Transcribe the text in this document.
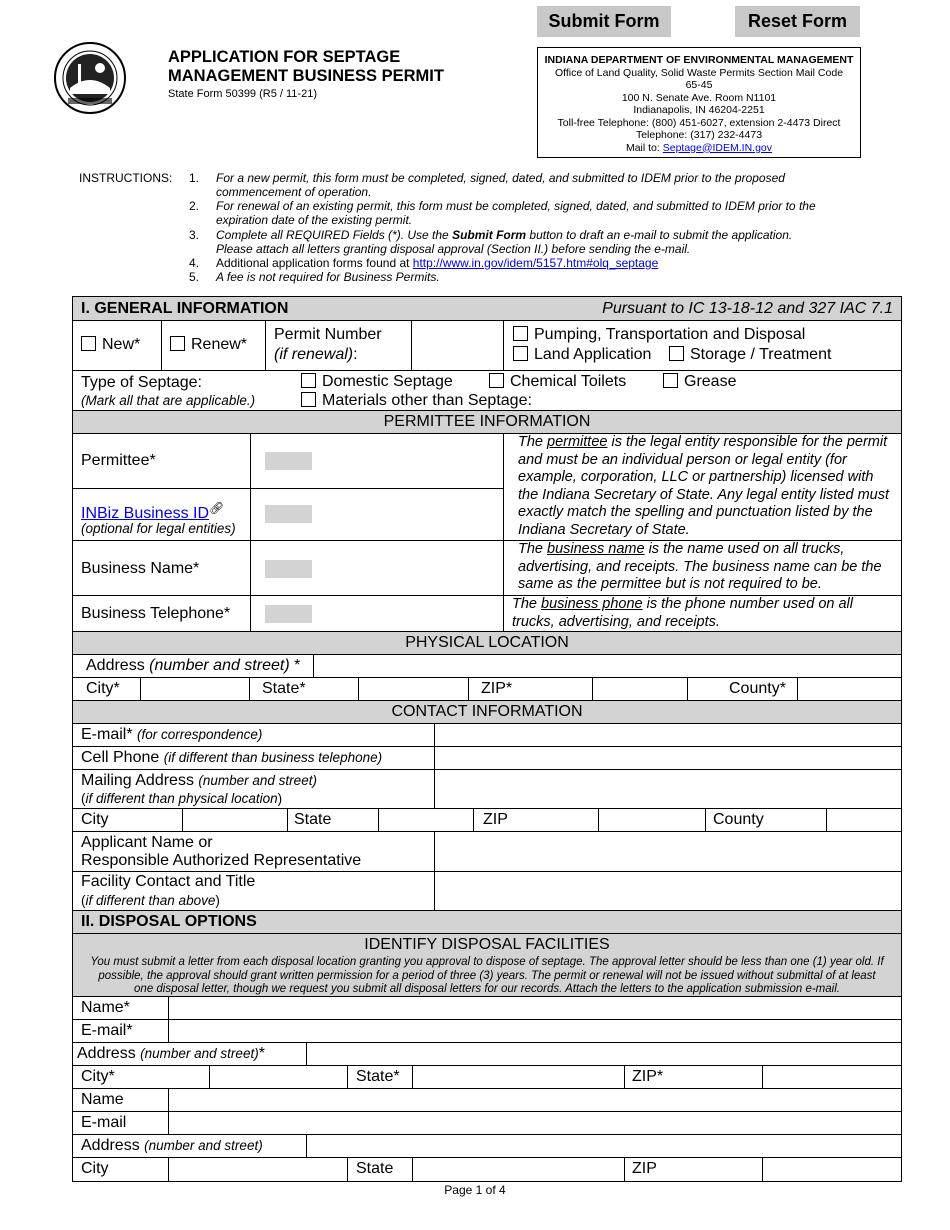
Submit Form	Reset Form
APPLICATION FOR SEPTAGE
MANAGEMENT BUSINESS PERMIT
State Form 50399 (R5 / 11-21)
INDIANA DEPARTMENT OF ENVIRONMENTAL MANAGEMENT
Office of Land Quality, Solid Waste Permits Section Mail Code
65-45
100 N. Senate Ave. Room N1101
Indianapolis, IN 46204-2251
Toll-free Telephone: (800) 451-6027, extension 2-4473 Direct
Telephone: (317) 232-4473
Mail to: Septage@IDEM.IN.gov
INSTRUCTIONS:	1. For a new permit, this form must be completed, signed, dated, and submitted to IDEM prior to the proposed
commencement of operation.
2. For renewal of an existing permit, this form must be completed, signed, dated, and submitted to IDEM prior to the
expiration date of the existing permit.
3. Complete all REQUIRED Fields (*). Use the Submit Form button to draft an e-mail to submit the application.
Please attach all letters granting disposal approval (Section II.) before sending the e-mail.
4. Additional application forms found at http://www.in.gov/idem/5157.htm#olq_septage
5. A fee is not required for Business Permits.
I. GENERAL INFORMATION	Pursuant to IC 13-18-12 and 327 IAC 7.1
New*	Renew*
Permit Number
(if renewal):
Pumping, Transportation and Disposal
Land Application	Storage / Treatment
Type of Septage:
(Mark all that are applicable.)
Domestic Septage	Chemical Toilets	Grease
Materials other than Septage:
PERMITTEE INFORMATION
Permittee*
INBiz Business ID🔗︎
(optional for legal entities)
The permittee is the legal entity responsible for the permit and must be an individual person or legal entity (for example, corporation, LLC or partnership) licensed with the Indiana Secretary of State. Any legal entity listed must exactly match the spelling and punctuation listed by the Indiana Secretary of State.
Business Name*
The business name is the name used on all trucks, advertising, and receipts. The business name can be the same as the permittee but is not required to be.
Business Telephone*
The business phone is the phone number used on all trucks, advertising, and receipts.
PHYSICAL LOCATION
Address (number and street) *
City*	State*	ZIP*	County*
CONTACT INFORMATION
E-mail* (for correspondence)
Cell Phone (if different than business telephone)
Mailing Address (number and street)
(if different than physical location)
City	State	ZIP	County
Applicant Name or
Responsible Authorized Representative
Facility Contact and Title
(if different than above)
II. DISPOSAL OPTIONS
IDENTIFY DISPOSAL FACILITIES
You must submit a letter from each disposal location granting you approval to dispose of septage. The approval letter should be less than one (1) year old. If
possible, the approval should grant written permission for a period of three (3) years. The permit or renewal will not be issued without submittal of at least
one disposal letter, though we request you submit all disposal letters for our records. Attach the letters to the application submission e-mail.
Name*
E-mail*
Address (number and street)*
City*	State*	ZIP*
Name
E-mail
Address (number and street)
City	State	ZIP
Page 1 of 4
